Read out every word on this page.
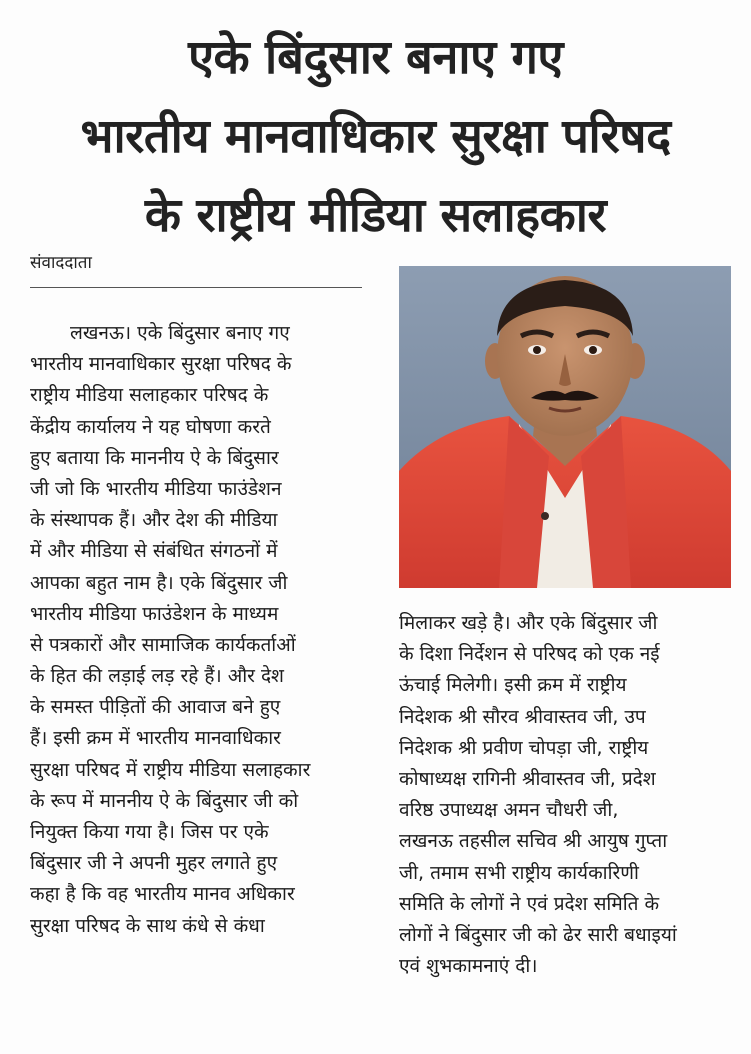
एके बिंदुसार बनाए गए
भारतीय मानवाधिकार सुरक्षा परिषद
के राष्ट्रीय मीडिया सलाहकार
संवाददाता
लखनऊ। एके बिंदुसार बनाए गए
भारतीय मानवाधिकार सुरक्षा परिषद के
राष्ट्रीय मीडिया सलाहकार परिषद के
केंद्रीय कार्यालय ने यह घोषणा करते
हुए बताया कि माननीय ऐ के बिंदुसार
जी जो कि भारतीय मीडिया फाउंडेशन
के संस्थापक हैं। और देश की मीडिया
में और मीडिया से संबंधित संगठनों में
आपका बहुत नाम है। एके बिंदुसार जी
भारतीय मीडिया फाउंडेशन के माध्यम
से पत्रकारों और सामाजिक कार्यकर्ताओं
के हित की लड़ाई लड़ रहे हैं। और देश
के समस्त पीड़ितों की आवाज बने हुए
हैं। इसी क्रम में भारतीय मानवाधिकार
सुरक्षा परिषद में राष्ट्रीय मीडिया सलाहकार
के रूप में माननीय ऐ के बिंदुसार जी को
नियुक्त किया गया है। जिस पर एके
बिंदुसार जी ने अपनी मुहर लगाते हुए
कहा है कि वह भारतीय मानव अधिकार
सुरक्षा परिषद के साथ कंधे से कंधा
मिलाकर खड़े है। और एके बिंदुसार जी
के दिशा निर्देशन से परिषद को एक नई
ऊंचाई मिलेगी। इसी क्रम में राष्ट्रीय
निदेशक श्री सौरव श्रीवास्तव जी, उप
निदेशक श्री प्रवीण चोपड़ा जी, राष्ट्रीय
कोषाध्यक्ष रागिनी श्रीवास्तव जी, प्रदेश
वरिष्ठ उपाध्यक्ष अमन चौधरी जी,
लखनऊ तहसील सचिव श्री आयुष गुप्ता
जी, तमाम सभी राष्ट्रीय कार्यकारिणी
समिति के लोगों ने एवं प्रदेश समिति के
लोगों ने बिंदुसार जी को ढेर सारी बधाइयां
एवं शुभकामनाएं दी।
